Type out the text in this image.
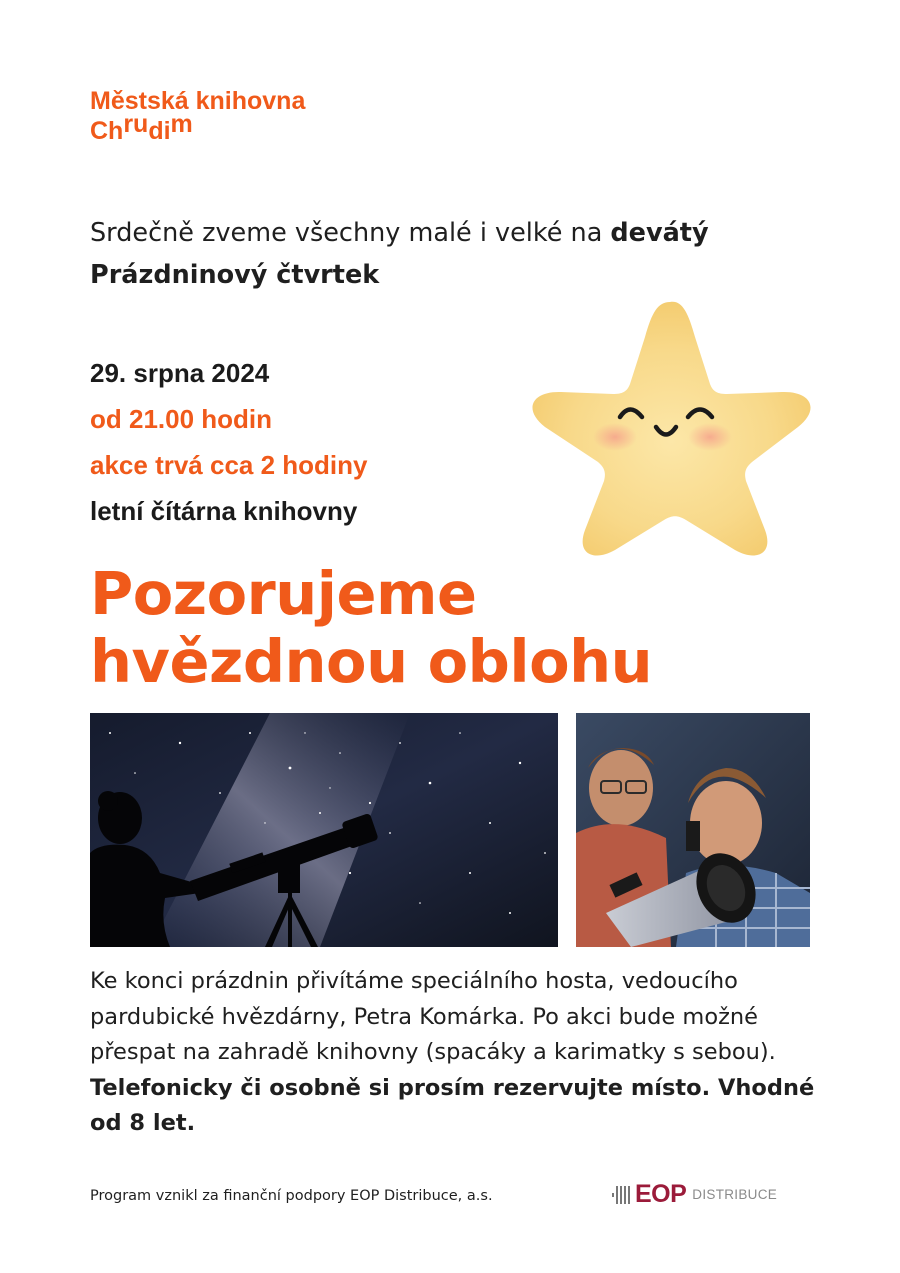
Městská knihovna
Chrudim
Srdečně zveme všechny malé i velké na devátý Prázdninový čtvrtek
29. srpna 2024
od 21.00 hodin
akce trvá cca 2 hodiny
letní čítárna knihovny
Pozorujeme
hvězdnou oblohu
Ke konci prázdnin přivítáme speciálního hosta, vedoucího pardubické hvězdárny, Petra Komárka. Po akci bude možné přespat na zahradě knihovny (spacáky a karimatky s sebou). Telefonicky či osobně si prosím rezervujte místo. Vhodné od 8 let.
Program vznikl za finanční podpory EOP Distribuce, a.s.	EOP DISTRIBUCE
